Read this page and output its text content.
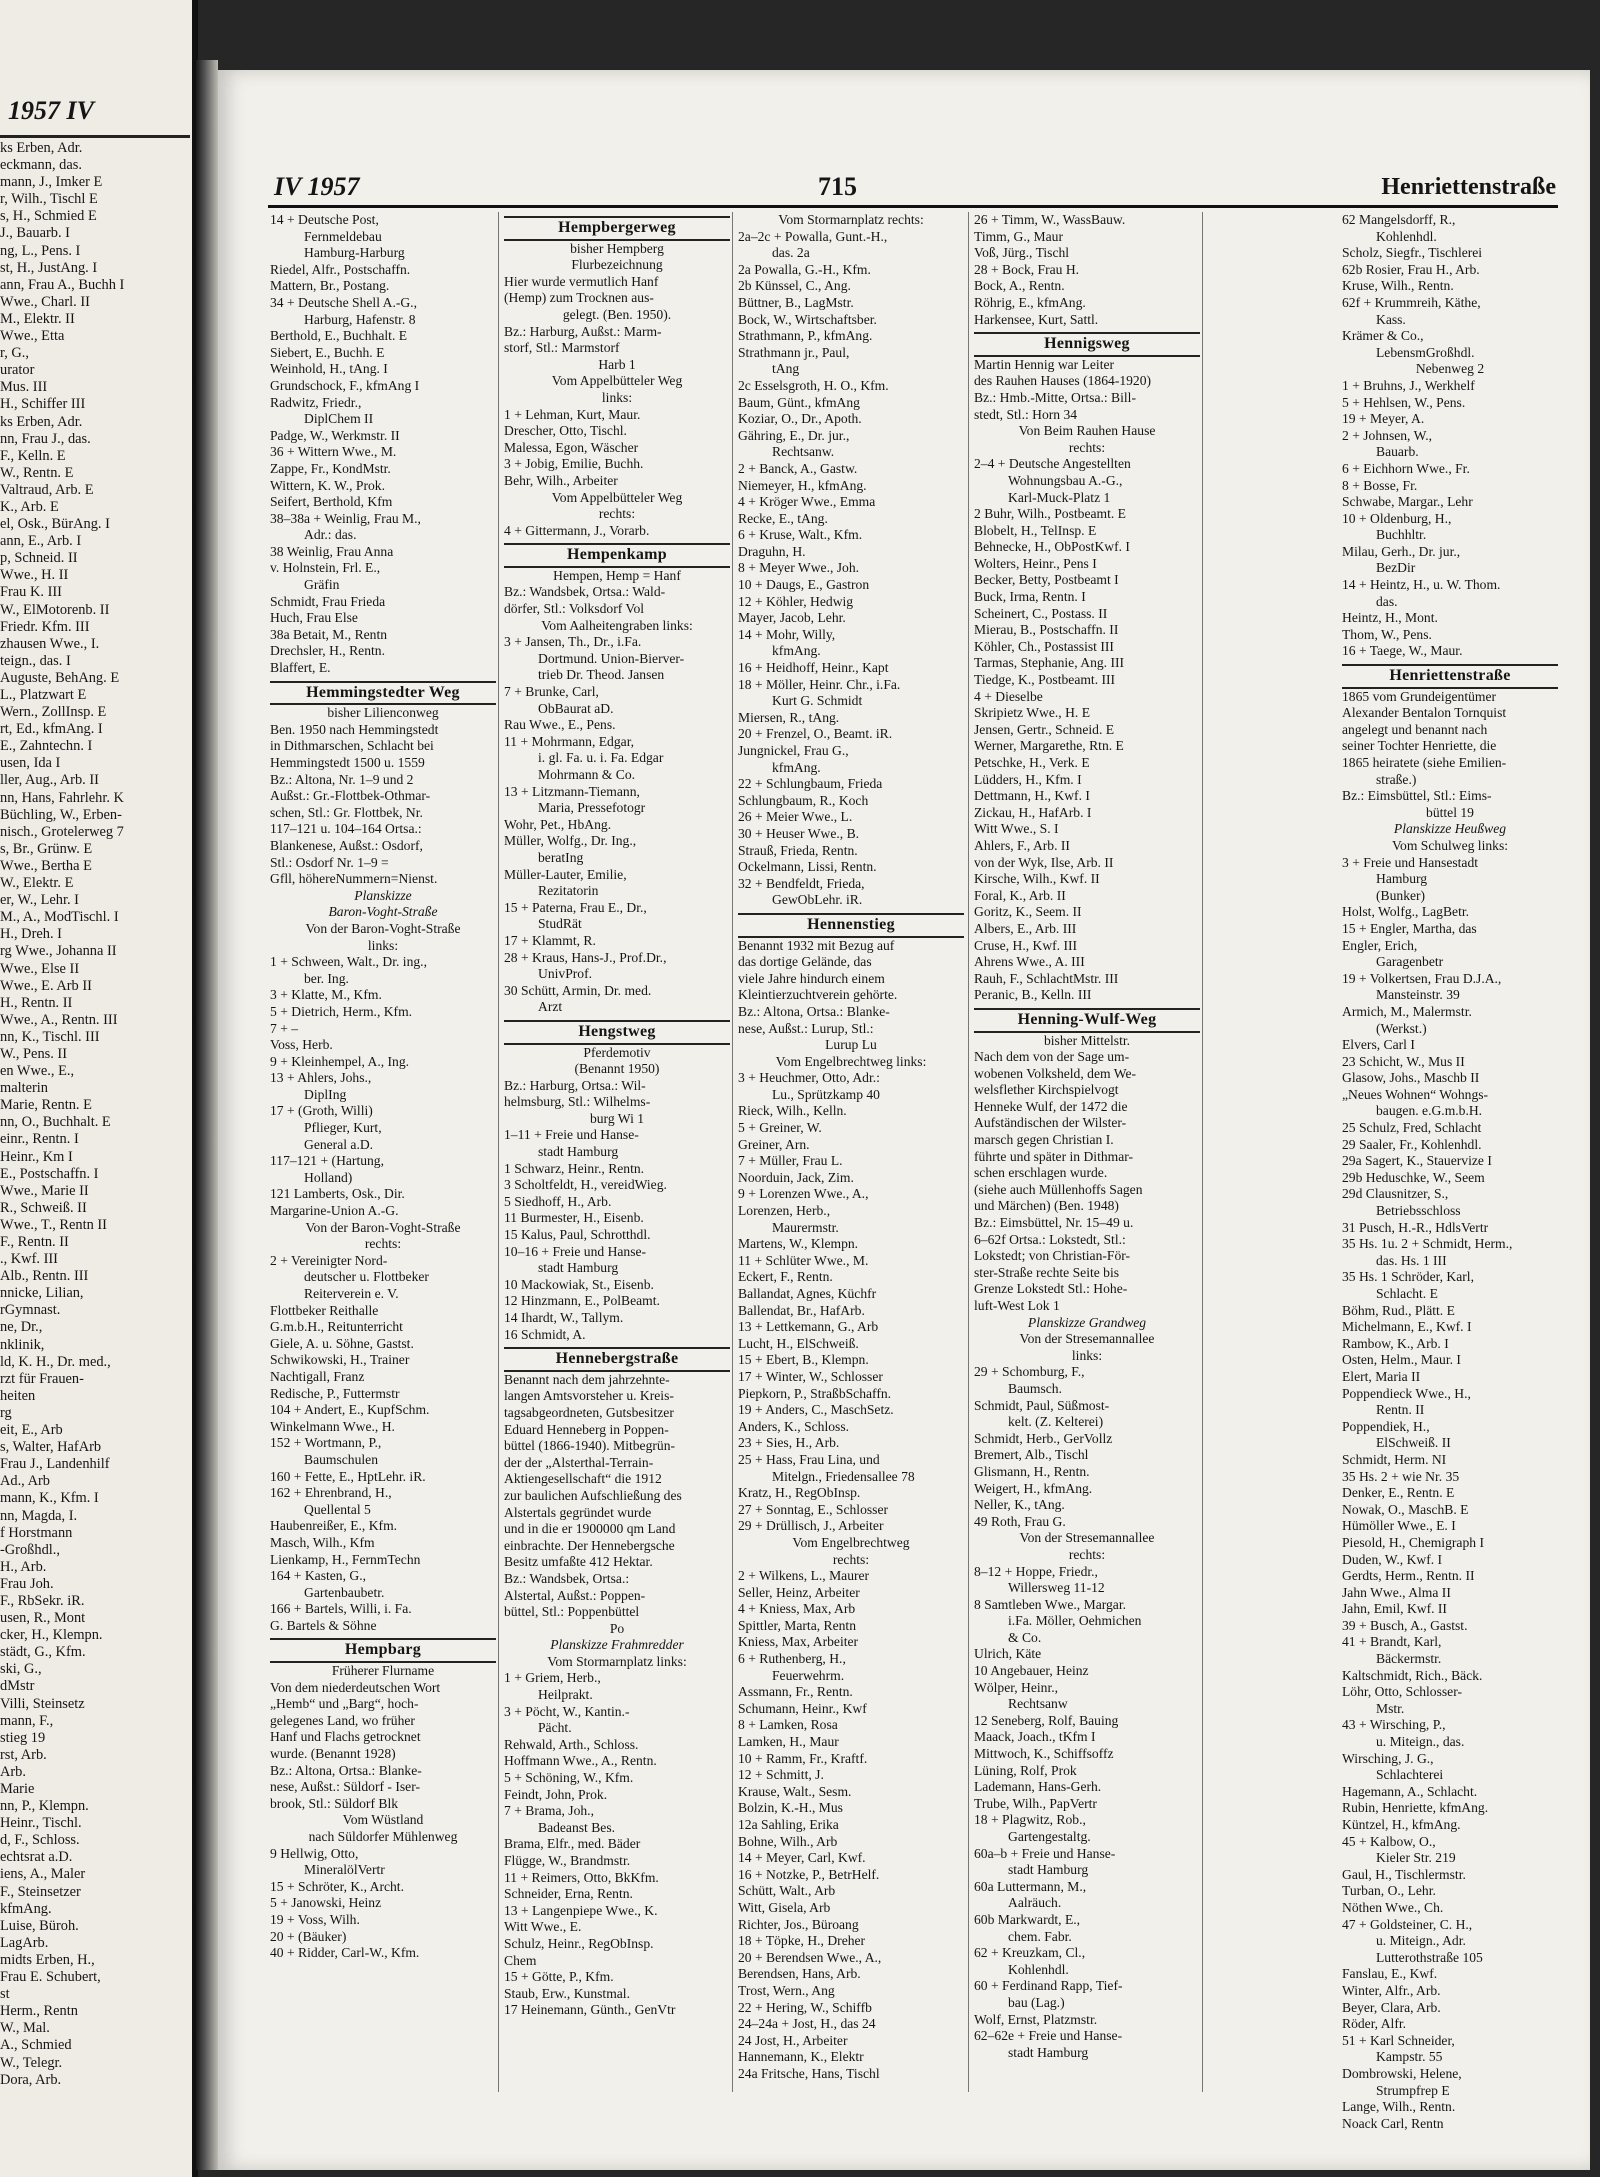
1957 IV
ks Erben, Adr.
eckmann, das.
mann, J., Imker E
r, Wilh., Tischl E
s, H., Schmied E
J., Bauarb. I
ng, L., Pens. I
st, H., JustAng. I
ann, Frau A., Buchh I
Wwe., Charl. II
M., Elektr. II
Wwe., Etta
r, G.,
urator
Mus. III
H., Schiffer III
ks Erben, Adr.
nn, Frau J., das.
F., Kelln. E
W., Rentn. E
Valtraud, Arb. E
K., Arb. E
el, Osk., BürAng. I
ann, E., Arb. I
p, Schneid. II
Wwe., H. II
Frau K. III
W., ElMotorenb. II
Friedr. Kfm. III
zhausen Wwe., I.
teign., das. I
Auguste, BehAng. E
L., Platzwart E
Wern., ZollInsp. E
rt, Ed., kfmAng. I
E., Zahntechn. I
usen, Ida I
ller, Aug., Arb. II
nn, Hans, Fahrlehr. K
Büchling, W., Erben-
nisch., Grotelerweg 7
s, Br., Grünw. E
Wwe., Bertha E
W., Elektr. E
er, W., Lehr. I
M., A., ModTischl. I
H., Dreh. I
rg Wwe., Johanna II
Wwe., Else II
Wwe., E. Arb II
H., Rentn. II
Wwe., A., Rentn. III
nn, K., Tischl. III
W., Pens. II
en Wwe., E.,
malterin
Marie, Rentn. E
nn, O., Buchhalt. E
einr., Rentn. I
Heinr., Km I
E., Postschaffn. I
Wwe., Marie II
R., Schweiß. II
Wwe., T., Rentn II
F., Rentn. II
., Kwf. III
Alb., Rentn. III
nnicke, Lilian,
rGymnast.
ne, Dr.,
nklinik,
ld, K. H., Dr. med.,
rzt für Frauen-
heiten
rg
eit, E., Arb
s, Walter, HafArb
Frau J., Landenhilf
Ad., Arb
mann, K., Kfm. I
nn, Magda, I.
f Horstmann
-Großhdl.,
H., Arb.
Frau Joh.
F., RbSekr. iR.
usen, R., Mont
cker, H., Klempn.
städt, G., Kfm.
ski, G.,
dMstr
Villi, Steinsetz
mann, F.,
stieg 19
rst, Arb.
Arb.
Marie
nn, P., Klempn.
Heinr., Tischl.
d, F., Schloss.
echtsrat a.D.
iens, A., Maler
F., Steinsetzer
kfmAng.
Luise, Büroh.
LagArb.
midts Erben, H.,
Frau E. Schubert,
st
Herm., Rentn
W., Mal.
A., Schmied
W., Telegr.
Dora, Arb.
IV 1957	715	Henriettenstraße
14 + Deutsche Post,
Fernmeldebau
Hamburg-Harburg
Riedel, Alfr., Postschaffn.
Mattern, Br., Postang.
34 + Deutsche Shell A.-G.,
Harburg, Hafenstr. 8
Berthold, E., Buchhalt. E
Siebert, E., Buchh. E
Weinhold, H., tAng. I
Grundschock, F., kfmAng I
Radwitz, Friedr.,
DiplChem II
Padge, W., Werkmstr. II
36 + Wittern Wwe., M.
Zappe, Fr., KondMstr.
Wittern, K. W., Prok.
Seifert, Berthold, Kfm
38–38a + Weinlig, Frau M.,
Adr.: das.
38 Weinlig, Frau Anna
v. Holnstein, Frl. E.,
Gräfin
Schmidt, Frau Frieda
Huch, Frau Else
38a Betait, M., Rentn
Drechsler, H., Rentn.
Blaffert, E.
Hemmingstedter Weg
bisher Lilienconweg
Ben. 1950 nach Hemmingstedt
in Dithmarschen, Schlacht bei
Hemmingstedt 1500 u. 1559
Bz.: Altona, Nr. 1–9 und 2
Außst.: Gr.-Flottbek-Othmar-
schen, Stl.: Gr. Flottbek, Nr.
117–121 u. 104–164 Ortsa.:
Blankenese, Außst.: Osdorf,
Stl.: Osdorf Nr. 1–9 =
Gfll, höhereNummern=Nienst.
Planskizze
Baron-Voght-Straße
Von der Baron-Voght-Straße
links:
1 + Schween, Walt., Dr. ing.,
ber. Ing.
3 + Klatte, M., Kfm.
5 + Dietrich, Herm., Kfm.
7 + –
Voss, Herb.
9 + Kleinhempel, A., Ing.
13 + Ahlers, Johs.,
DiplIng
17 + (Groth, Willi)
Pflieger, Kurt,
General a.D.
117–121 + (Hartung,
Holland)
121 Lamberts, Osk., Dir.
Margarine-Union A.-G.
Von der Baron-Voght-Straße
rechts:
2 + Vereinigter Nord-
deutscher u. Flottbeker
Reiterverein e. V.
Flottbeker Reithalle
G.m.b.H., Reitunterricht
Giele, A. u. Söhne, Gastst.
Schwikowski, H., Trainer
Nachtigall, Franz
Redische, P., Futtermstr
104 + Andert, E., KupfSchm.
Winkelmann Wwe., H.
152 + Wortmann, P.,
Baumschulen
160 + Fette, E., HptLehr. iR.
162 + Ehrenbrand, H.,
Quellental 5
Haubenreißer, E., Kfm.
Masch, Wilh., Kfm
Lienkamp, H., FernmTechn
164 + Kasten, G.,
Gartenbaubetr.
166 + Bartels, Willi, i. Fa.
G. Bartels & Söhne
Hempbarg
Früherer Flurname
Von dem niederdeutschen Wort
„Hemb“ und „Barg“, hoch-
gelegenes Land, wo früher
Hanf und Flachs getrocknet
wurde. (Benannt 1928)
Bz.: Altona, Ortsa.: Blanke-
nese, Außst.: Süldorf - Iser-
brook, Stl.: Süldorf Blk
Vom Wüstland
nach Süldorfer Mühlenweg
9 Hellwig, Otto,
MineralölVertr
15 + Schröter, K., Archt.
5 + Janowski, Heinz
19 + Voss, Wilh.
20 + (Bäuker)
40 + Ridder, Carl-W., Kfm.
Hempbergerweg
bisher Hempberg
Flurbezeichnung
Hier wurde vermutlich Hanf
(Hemp) zum Trocknen aus-
gelegt. (Ben. 1950).
Bz.: Harburg, Außst.: Marm-
storf, Stl.: Marmstorf
Harb 1
Vom Appelbütteler Weg
links:
1 + Lehman, Kurt, Maur.
Drescher, Otto, Tischl.
Malessa, Egon, Wäscher
3 + Jobig, Emilie, Buchh.
Behr, Wilh., Arbeiter
Vom Appelbütteler Weg
rechts:
4 + Gittermann, J., Vorarb.
Hempenkamp
Hempen, Hemp = Hanf
Bz.: Wandsbek, Ortsa.: Wald-
dörfer, Stl.: Volksdorf Vol
Vom Aalheitengraben links:
3 + Jansen, Th., Dr., i.Fa.
Dortmund. Union-Bierver-
trieb Dr. Theod. Jansen
7 + Brunke, Carl,
ObBaurat aD.
Rau Wwe., E., Pens.
11 + Mohrmann, Edgar,
i. gl. Fa. u. i. Fa. Edgar
Mohrmann & Co.
13 + Litzmann-Tiemann,
Maria, Pressefotogr
Wohr, Pet., HbAng.
Müller, Wolfg., Dr. Ing.,
beratIng
Müller-Lauter, Emilie,
Rezitatorin
15 + Paterna, Frau E., Dr.,
StudRät
17 + Klammt, R.
28 + Kraus, Hans-J., Prof.Dr.,
UnivProf.
30 Schütt, Armin, Dr. med.
Arzt
Hengstweg
Pferdemotiv
(Benannt 1950)
Bz.: Harburg, Ortsa.: Wil-
helmsburg, Stl.: Wilhelms-
burg Wi 1
1–11 + Freie und Hanse-
stadt Hamburg
1 Schwarz, Heinr., Rentn.
3 Scholtfeldt, H., vereidWieg.
5 Siedhoff, H., Arb.
11 Burmester, H., Eisenb.
15 Kalus, Paul, Schrotthdl.
10–16 + Freie und Hanse-
stadt Hamburg
10 Mackowiak, St., Eisenb.
12 Hinzmann, E., PolBeamt.
14 Ihardt, W., Tallym.
16 Schmidt, A.
Hennebergstraße
Benannt nach dem jahrzehnte-
langen Amtsvorsteher u. Kreis-
tagsabgeordneten, Gutsbesitzer
Eduard Henneberg in Poppen-
büttel (1866-1940). Mitbegrün-
der der „Alsterthal-Terrain-
Aktiengesellschaft“ die 1912
zur baulichen Aufschließung des
Alstertals gegründet wurde
und in die er 1900000 qm Land
einbrachte. Der Hennebergsche
Besitz umfaßte 412 Hektar.
Bz.: Wandsbek, Ortsa.:
Alstertal, Außst.: Poppen-
büttel, Stl.: Poppenbüttel
Po
Planskizze Frahmredder
Vom Stormarnplatz links:
1 + Griem, Herb.,
Heilprakt.
3 + Pöcht, W., Kantin.-
Pächt.
Rehwald, Arth., Schloss.
Hoffmann Wwe., A., Rentn.
5 + Schöning, W., Kfm.
Feindt, John, Prok.
7 + Brama, Joh.,
Badeanst Bes.
Brama, Elfr., med. Bäder
Flügge, W., Brandmstr.
11 + Reimers, Otto, BkKfm.
Schneider, Erna, Rentn.
13 + Langenpiepe Wwe., K.
Witt Wwe., E.
Schulz, Heinr., RegObInsp.
Chem
15 + Götte, P., Kfm.
Staub, Erw., Kunstmal.
17 Heinemann, Günth., GenVtr
Vom Stormarnplatz rechts:
2a–2c + Powalla, Gunt.-H.,
das. 2a
2a Powalla, G.-H., Kfm.
2b Künssel, C., Ang.
Büttner, B., LagMstr.
Bock, W., Wirtschaftsber.
Strathmann, P., kfmAng.
Strathmann jr., Paul,
tAng
2c Esselsgroth, H. O., Kfm.
Baum, Günt., kfmAng
Koziar, O., Dr., Apoth.
Gähring, E., Dr. jur.,
Rechtsanw.
2 + Banck, A., Gastw.
Niemeyer, H., kfmAng.
4 + Kröger Wwe., Emma
Recke, E., tAng.
6 + Kruse, Walt., Kfm.
Draguhn, H.
8 + Meyer Wwe., Joh.
10 + Daugs, E., Gastron
12 + Köhler, Hedwig
Mayer, Jacob, Lehr.
14 + Mohr, Willy,
kfmAng.
16 + Heidhoff, Heinr., Kapt
18 + Möller, Heinr. Chr., i.Fa.
Kurt G. Schmidt
Miersen, R., tAng.
20 + Frenzel, O., Beamt. iR.
Jungnickel, Frau G.,
kfmAng.
22 + Schlungbaum, Frieda
Schlungbaum, R., Koch
26 + Meier Wwe., L.
30 + Heuser Wwe., B.
Strauß, Frieda, Rentn.
Ockelmann, Lissi, Rentn.
32 + Bendfeldt, Frieda,
GewObLehr. iR.
Hennenstieg
Benannt 1932 mit Bezug auf
das dortige Gelände, das
viele Jahre hindurch einem
Kleintierzuchtverein gehörte.
Bz.: Altona, Ortsa.: Blanke-
nese, Außst.: Lurup, Stl.:
Lurup Lu
Vom Engelbrechtweg links:
3 + Heuchmer, Otto, Adr.:
Lu., Sprützkamp 40
Rieck, Wilh., Kelln.
5 + Greiner, W.
Greiner, Arn.
7 + Müller, Frau L.
Noorduin, Jack, Zim.
9 + Lorenzen Wwe., A.,
Lorenzen, Herb.,
Maurermstr.
Martens, W., Klempn.
11 + Schlüter Wwe., M.
Eckert, F., Rentn.
Ballandat, Agnes, Küchfr
Ballendat, Br., HafArb.
13 + Lettkemann, G., Arb
Lucht, H., ElSchweiß.
15 + Ebert, B., Klempn.
17 + Winter, W., Schlosser
Piepkorn, P., StraßbSchaffn.
19 + Anders, C., MaschSetz.
Anders, K., Schloss.
23 + Sies, H., Arb.
25 + Hass, Frau Lina, und
Mitelgn., Friedensallee 78
Kratz, H., RegObInsp.
27 + Sonntag, E., Schlosser
29 + Drüllisch, J., Arbeiter
Vom Engelbrechtweg
rechts:
2 + Wilkens, L., Maurer
Seller, Heinz, Arbeiter
4 + Kniess, Max, Arb
Spittler, Marta, Rentn
Kniess, Max, Arbeiter
6 + Ruthenberg, H.,
Feuerwehrm.
Assmann, Fr., Rentn.
Schumann, Heinr., Kwf
8 + Lamken, Rosa
Lamken, H., Maur
10 + Ramm, Fr., Kraftf.
12 + Schmitt, J.
Krause, Walt., Sesm.
Bolzin, K.-H., Mus
12a Sahling, Erika
Bohne, Wilh., Arb
14 + Meyer, Carl, Kwf.
16 + Notzke, P., BetrHelf.
Schütt, Walt., Arb
Witt, Gisela, Arb
Richter, Jos., Büroang
18 + Töpke, H., Dreher
20 + Berendsen Wwe., A.,
Berendsen, Hans, Arb.
Trost, Wern., Ang
22 + Hering, W., Schiffb
24–24a + Jost, H., das 24
24 Jost, H., Arbeiter
Hannemann, K., Elektr
24a Fritsche, Hans, Tischl
26 + Timm, W., WassBauw.
Timm, G., Maur
Voß, Jürg., Tischl
28 + Bock, Frau H.
Bock, A., Rentn.
Röhrig, E., kfmAng.
Harkensee, Kurt, Sattl.
Hennigsweg
Martin Hennig war Leiter
des Rauhen Hauses (1864-1920)
Bz.: Hmb.-Mitte, Ortsa.: Bill-
stedt, Stl.: Horn 34
Von Beim Rauhen Hause
rechts:
2–4 + Deutsche Angestellten
Wohnungsbau A.-G.,
Karl-Muck-Platz 1
2 Buhr, Wilh., Postbeamt. E
Blobelt, H., TelInsp. E
Behnecke, H., ObPostKwf. I
Wolters, Heinr., Pens I
Becker, Betty, Postbeamt I
Buck, Irma, Rentn. I
Scheinert, C., Postass. II
Mierau, B., Postschaffn. II
Köhler, Ch., Postassist III
Tarmas, Stephanie, Ang. III
Tiedge, K., Postbeamt. III
4 + Dieselbe
Skripietz Wwe., H. E
Jensen, Gertr., Schneid. E
Werner, Margarethe, Rtn. E
Petschke, H., Verk. E
Lüdders, H., Kfm. I
Dettmann, H., Kwf. I
Zickau, H., HafArb. I
Witt Wwe., S. I
Ahlers, F., Arb. II
von der Wyk, Ilse, Arb. II
Kirsche, Wilh., Kwf. II
Foral, K., Arb. II
Goritz, K., Seem. II
Albers, E., Arb. III
Cruse, H., Kwf. III
Ahrens Wwe., A. III
Rauh, F., SchlachtMstr. III
Peranic, B., Kelln. III
Henning-Wulf-Weg
bisher Mittelstr.
Nach dem von der Sage um-
wobenen Volksheld, dem We-
welsflether Kirchspielvogt
Henneke Wulf, der 1472 die
Aufständischen der Wilster-
marsch gegen Christian I.
führte und später in Dithmar-
schen erschlagen wurde.
(siehe auch Müllenhoffs Sagen
und Märchen) (Ben. 1948)
Bz.: Eimsbüttel, Nr. 15–49 u.
6–62f Ortsa.: Lokstedt, Stl.:
Lokstedt; von Christian-För-
ster-Straße rechte Seite bis
Grenze Lokstedt Stl.: Hohe-
luft-West Lok 1
Planskizze Grandweg
Von der Stresemannallee
links:
29 + Schomburg, F.,
Baumsch.
Schmidt, Paul, Süßmost-
kelt. (Z. Kelterei)
Schmidt, Herb., GerVollz
Bremert, Alb., Tischl
Glismann, H., Rentn.
Weigert, H., kfmAng.
Neller, K., tAng.
49 Roth, Frau G.
Von der Stresemannallee
rechts:
8–12 + Hoppe, Friedr.,
Willersweg 11-12
8 Samtleben Wwe., Margar.
i.Fa. Möller, Oehmichen
& Co.
Ulrich, Käte
10 Angebauer, Heinz
Wölper, Heinr.,
Rechtsanw
12 Seneberg, Rolf, Bauing
Maack, Joach., tKfm I
Mittwoch, K., Schiffsoffz
Lüning, Rolf, Prok
Lademann, Hans-Gerh.
Trube, Wilh., PapVertr
18 + Plagwitz, Rob.,
Gartengestaltg.
60a–b + Freie und Hanse-
stadt Hamburg
60a Luttermann, M.,
Aalräuch.
60b Markwardt, E.,
chem. Fabr.
62 + Kreuzkam, Cl.,
Kohlenhdl.
60 + Ferdinand Rapp, Tief-
bau (Lag.)
Wolf, Ernst, Platzmstr.
62–62e + Freie und Hanse-
stadt Hamburg
62 Mangelsdorff, R.,
Kohlenhdl.
Scholz, Siegfr., Tischlerei
62b Rosier, Frau H., Arb.
Kruse, Wilh., Rentn.
62f + Krummreih, Käthe,
Kass.
Krämer & Co.,
LebensmGroßhdl.
Nebenweg 2
1 + Bruhns, J., Werkhelf
5 + Hehlsen, W., Pens.
19 + Meyer, A.
2 + Johnsen, W.,
Bauarb.
6 + Eichhorn Wwe., Fr.
8 + Bosse, Fr.
Schwabe, Margar., Lehr
10 + Oldenburg, H.,
Buchhltr.
Milau, Gerh., Dr. jur.,
BezDir
14 + Heintz, H., u. W. Thom.
das.
Heintz, H., Mont.
Thom, W., Pens.
16 + Taege, W., Maur.
Henriettenstraße
1865 vom Grundeigentümer
Alexander Bentalon Tornquist
angelegt und benannt nach
seiner Tochter Henriette, die
1865 heiratete (siehe Emilien-
straße.)
Bz.: Eimsbüttel, Stl.: Eims-
büttel 19
Planskizze Heußweg
Vom Schulweg links:
3 + Freie und Hansestadt
Hamburg
(Bunker)
Holst, Wolfg., LagBetr.
15 + Engler, Martha, das
Engler, Erich,
Garagenbetr
19 + Volkertsen, Frau D.J.A.,
Mansteinstr. 39
Armich, M., Malermstr.
(Werkst.)
Elvers, Carl I
23 Schicht, W., Mus II
Glasow, Johs., Maschb II
„Neues Wohnen“ Wohngs-
baugen. e.G.m.b.H.
25 Schulz, Fred, Schlacht
29 Saaler, Fr., Kohlenhdl.
29a Sagert, K., Stauervize I
29b Heduschke, W., Seem
29d Clausnitzer, S.,
Betriebsschloss
31 Pusch, H.-R., HdlsVertr
35 Hs. 1u. 2 + Schmidt, Herm.,
das. Hs. 1 III
35 Hs. 1 Schröder, Karl,
Schlacht. E
Böhm, Rud., Plätt. E
Michelmann, E., Kwf. I
Rambow, K., Arb. I
Osten, Helm., Maur. I
Elert, Maria II
Poppendieck Wwe., H.,
Rentn. II
Poppendiek, H.,
ElSchweiß. II
Schmidt, Herm. NI
35 Hs. 2 + wie Nr. 35
Denker, E., Rentn. E
Nowak, O., MaschB. E
Hümöller Wwe., E. I
Piesold, H., Chemigraph I
Duden, W., Kwf. I
Gerdts, Herm., Rentn. II
Jahn Wwe., Alma II
Jahn, Emil, Kwf. II
39 + Busch, A., Gastst.
41 + Brandt, Karl,
Bäckermstr.
Kaltschmidt, Rich., Bäck.
Löhr, Otto, Schlosser-
Mstr.
43 + Wirsching, P.,
u. Miteign., das.
Wirsching, J. G.,
Schlachterei
Hagemann, A., Schlacht.
Rubin, Henriette, kfmAng.
Küntzel, H., kfmAng.
45 + Kalbow, O.,
Kieler Str. 219
Gaul, H., Tischlermstr.
Turban, O., Lehr.
Nöthen Wwe., Ch.
47 + Goldsteiner, C. H.,
u. Miteign., Adr.
Lutterothstraße 105
Fanslau, E., Kwf.
Winter, Alfr., Arb.
Beyer, Clara, Arb.
Röder, Alfr.
51 + Karl Schneider,
Kampstr. 55
Dombrowski, Helene,
Strumpfrep E
Lange, Wilh., Rentn.
Noack Carl, Rentn
